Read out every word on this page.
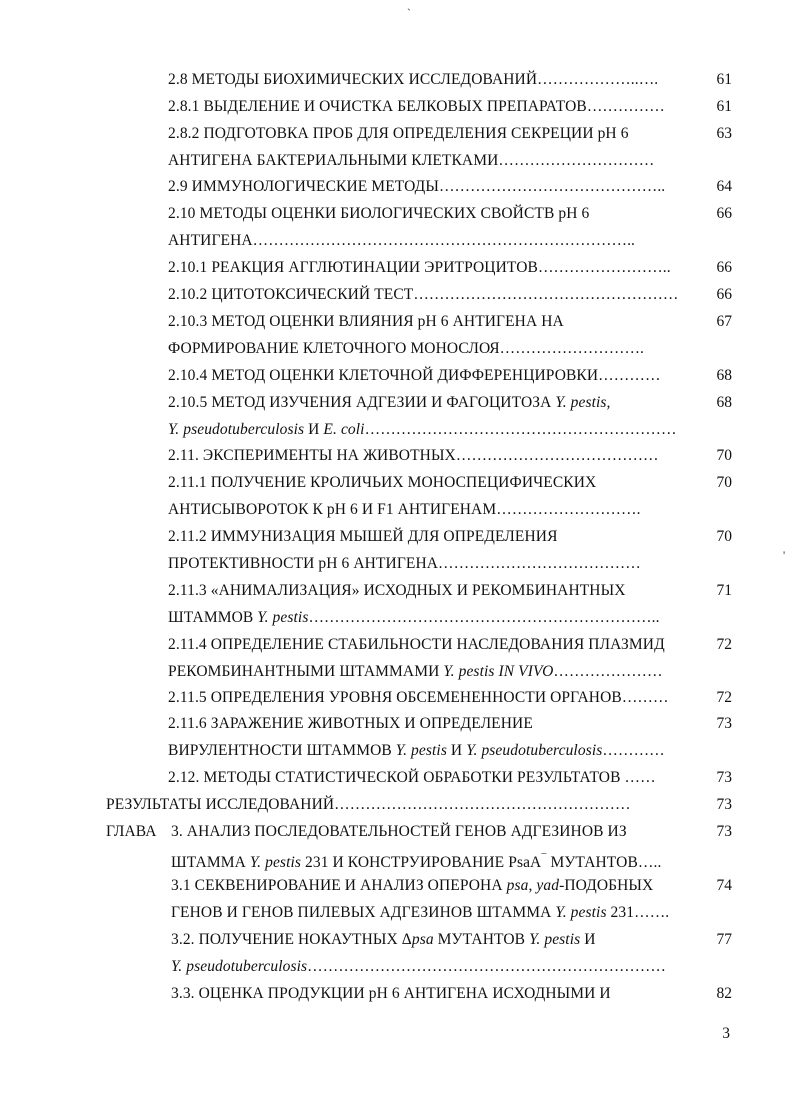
`
'
2.8 МЕТОДЫ БИОХИМИЧЕСКИХ ИССЛЕДОВАНИЙ………………..….	61
2.8.1 ВЫДЕЛЕНИЕ И ОЧИСТКА БЕЛКОВЫХ ПРЕПАРАТОВ……………	61
2.8.2 ПОДГОТОВКА ПРОБ ДЛЯ ОПРЕДЕЛЕНИЯ СЕКРЕЦИИ pH 6	63
АНТИГЕНА БАКТЕРИАЛЬНЫМИ КЛЕТКАМИ…………………………
2.9 ИММУНОЛОГИЧЕСКИЕ МЕТОДЫ……………………………………..	64
2.10 МЕТОДЫ ОЦЕНКИ БИОЛОГИЧЕСКИХ СВОЙСТВ pH 6	66
АНТИГЕНА………………………………………………………………..
2.10.1 РЕАКЦИЯ АГГЛЮТИНАЦИИ ЭРИТРОЦИТОВ……………………..	66
2.10.2 ЦИТОТОКСИЧЕСКИЙ ТЕСТ……………………………………………	66
2.10.3 МЕТОД ОЦЕНКИ ВЛИЯНИЯ pH 6 АНТИГЕНА НА	67
ФОРМИРОВАНИЕ КЛЕТОЧНОГО МОНОСЛОЯ……………………….
2.10.4 МЕТОД ОЦЕНКИ КЛЕТОЧНОЙ ДИФФЕРЕНЦИРОВКИ…………	68
2.10.5 МЕТОД ИЗУЧЕНИЯ АДГЕЗИИ И ФАГОЦИТОЗА Y. pestis,	68
Y. pseudotuberculosis И E. coli……………………………………………………
2.11. ЭКСПЕРИМЕНТЫ НА ЖИВОТНЫХ…………………………………	70
2.11.1 ПОЛУЧЕНИЕ КРОЛИЧЬИХ МОНОСПЕЦИФИЧЕСКИХ	70
АНТИСЫВОРОТОК К pH 6 И F1 АНТИГЕНАМ……………………….
2.11.2 ИММУНИЗАЦИЯ МЫШЕЙ ДЛЯ ОПРЕДЕЛЕНИЯ	70
ПРОТЕКТИВНОСТИ pH 6 АНТИГЕНА…………………………………
2.11.3 «АНИМАЛИЗАЦИЯ» ИСХОДНЫХ И РЕКОМБИНАНТНЫХ	71
ШТАММОВ Y. pestis…………………………………………………………..
2.11.4 ОПРЕДЕЛЕНИЕ СТАБИЛЬНОСТИ НАСЛЕДОВАНИЯ ПЛАЗМИД	72
РЕКОМБИНАНТНЫМИ ШТАММАМИ Y. pestis IN VIVO…………………
2.11.5 ОПРЕДЕЛЕНИЯ УРОВНЯ ОБСЕМЕНЕННОСТИ ОРГАНОВ………	72
2.11.6 ЗАРАЖЕНИЕ ЖИВОТНЫХ И ОПРЕДЕЛЕНИЕ	73
ВИРУЛЕНТНОСТИ ШТАММОВ Y. pestis И Y. pseudotuberculosis…………
2.12. МЕТОДЫ СТАТИСТИЧЕСКОЙ ОБРАБОТКИ РЕЗУЛЬТАТОВ ……	73
РЕЗУЛЬТАТЫ ИССЛЕДОВАНИЙ…………………………………………………	73
ГЛАВА 3. АНАЛИЗ ПОСЛЕДОВАТЕЛЬНОСТЕЙ ГЕНОВ АДГЕЗИНОВ ИЗ	73
ШТАММА Y. pestis 231 И КОНСТРУИРОВАНИЕ PsaA¯ МУТАНТОВ…..
3.1 СЕКВЕНИРОВАНИЕ И АНАЛИЗ ОПЕРОНА psa, yad-ПОДОБНЫХ	74
ГЕНОВ И ГЕНОВ ПИЛЕВЫХ АДГЕЗИНОВ ШТАММА Y. pestis 231…….
3.2. ПОЛУЧЕНИЕ НОКАУТНЫХ Δpsa МУТАНТОВ Y. pestis И	77
Y. pseudotuberculosis……………………………………………………………
3.3. ОЦЕНКА ПРОДУКЦИИ pH 6 АНТИГЕНА ИСХОДНЫМИ И	82
3
